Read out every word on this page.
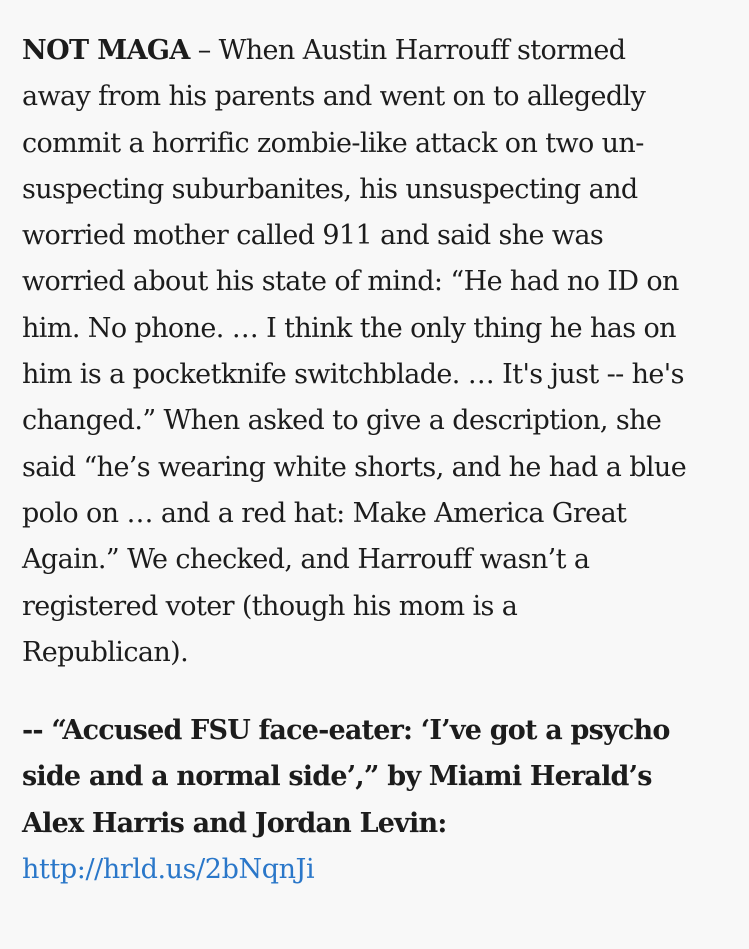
NOT MAGA – When Austin Harrouff stormed
away from his parents and went on to allegedly
commit a horrific zombie-like attack on two un-
suspecting suburbanites, his unsuspecting and
worried mother called 911 and said she was
worried about his state of mind: “He had no ID on
him. No phone. … I think the only thing he has on
him is a pocketknife switchblade. … It's just -- he's
changed.” When asked to give a description, she
said “he’s wearing white shorts, and he had a blue
polo on … and a red hat: Make America Great
Again.” We checked, and Harrouff wasn’t a
registered voter (though his mom is a
Republican).

-- “Accused FSU face-eater: ‘I’ve got a psycho
side and a normal side’,” by Miami Herald’s
Alex Harris and Jordan Levin:
http://hrld.us/2bNqnJi
